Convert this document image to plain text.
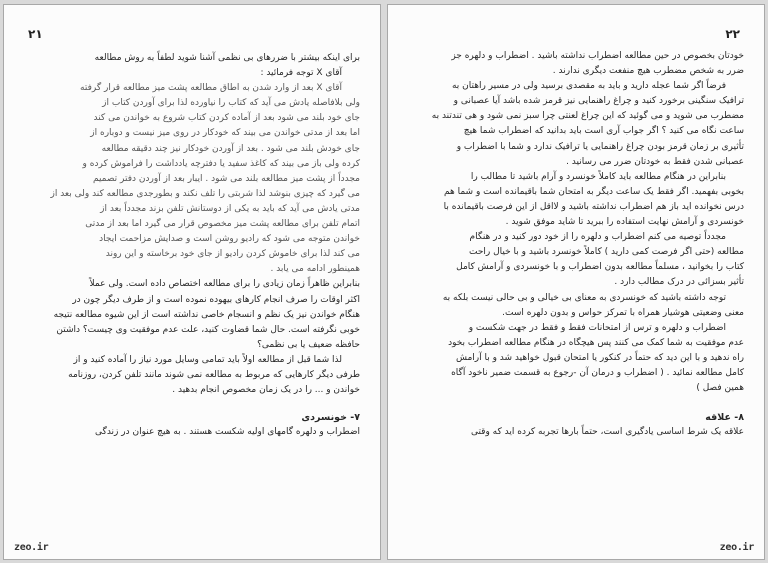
۲۱

برای اینکه بیشتر با ضررهای بی نظمی آشنا شوید لطفاً به روش مطالعه

آقای X توجه فرمائید :

آقای X بعد از وارد شدن به اطاق مطالعه پشت میز مطالعه قرار گرفته

ولی بلافاصله یادش می آید که کتاب را نیاورده لذا برای آوردن کتاب از

جای خود بلند می شود بعد از آماده کردن کتاب شروع به خواندن می کند

اما بعد از مدتی خواندن می بیند که خودکار در روی میز نیست و دوباره از

جای خودش بلند می شود . بعد از آوردن خودکار نیز چند دقیقه مطالعه

کرده ولی باز می بیند که کاغذ سفید یا دفترچه یادداشت را فراموش کرده و

مجدداً از پشت میز مطالعه بلند می شود . ایبار بعد از آوردن دفتر تصمیم

می گیرد که چیزی بنوشد لذا شربتی را تلف نکند و بطورجدی مطالعه کند ولی بعد از

مدتی یادش می آید که باید به یکی از دوستانش تلفن بزند مجدداً بعد از

اتمام تلفن برای مطالعه پشت میز مخصوص قرار می گیرد اما بعد از مدتی

خواندن متوجه می شود که رادیو روشن است و صدایش مزاحمت ایجاد

می کند لذا برای خاموش کردن رادیو از جای خود برخاسته و این روند

همینطور ادامه می یابد .

بنابراین ظاهراً زمان زیادی را برای مطالعه اختصاص داده است. ولی عملاً

اکثر اوقات را صرف انجام کارهای بیهوده نموده است و از طرف دیگر چون در

هنگام خواندن نیز یک نظم و انسجام خاصی نداشته است از این شیوه مطالعه نتیجه

خوبی نگرفته است. حال شما قضاوت کنید، علت عدم موفقیت وی چیست؟ داشتن

حافظه ضعیف یا بی نظمی؟

لذا شما قبل از مطالعه اولاً باید تمامی وسایل مورد نیاز را آماده کنید و از

طرفی دیگر کارهایی که مربوط به مطالعه نمی شوند مانند تلفن کردن، روزنامه

خواندن و ... را در یک زمان مخصوص انجام بدهید .

۷- خونسردی

اضطراب و دلهره گامهای اولیه شکست هستند . به هیچ عنوان در زندگی

zeo.ir
۲۲

خودتان بخصوص در حین مطالعه اضطراب نداشته باشید . اضطراب و دلهره جز

ضرر به شخص مضطرب هیچ منفعت دیگری ندارند .

فرضاً اگر شما عجله دارید و باید به مقصدی برسید ولی در مسیر راهتان به

ترافیک سنگینی برخورد کنید و چراغ راهنمایی نیز قرمز شده باشد آیا عصبانی و

مضطرب می شوید و می گوئید که این چراغ لعنتی چرا سبز نمی شود و هی تندتند به

ساعت نگاه می کنید ؟ اگر جواب آری است باید بدانید که اضطراب شما هیچ

تأثیری بر زمان قرمز بودن چراغ راهنمایی یا ترافیک ندارد و شما با اضطراب و

عصبانی شدن فقط به خودتان ضرر می رسانید .

بنابراین در هنگام مطالعه باید کاملاً خونسرد و آرام باشید تا مطالب را

بخوبی بفهمید. اگر فقط یک ساعت دیگر به امتحان شما باقیمانده است و شما هم

درس نخوانده اید باز هم اضطراب نداشته باشید و لااقل از این فرصت باقیمانده با

خونسردی و آرامش نهایت استفاده را ببرید تا شاید موفق شوید .

مجدداً توصیه می کنم اضطراب و دلهره را از خود دور کنید و در هنگام

مطالعه (حتی اگر فرصت کمی دارید ) کاملاً خونسرد باشید و با خیال راحت

کتاب را بخوانید ، مسلماً مطالعه بدون اضطراب و با خونسردی و آرامش کامل

تأثیر بسزائی در درک مطالب دارد .

توجه داشته باشید که خونسردی به معنای بی خیالی و بی حالی نیست بلکه به

معنی وضعیتی هوشیار همراه با تمرکز حواس و بدون دلهره است.

اضطراب و دلهره و ترس از امتحانات فقط و فقط در جهت شکست و

عدم موفقیت به شما کمک می کنند پس هیچگاه در هنگام مطالعه اضطراب بخود

راه ندهید و با این دید که حتماً در کنکور یا امتحان قبول خواهید شد و با آرامش

کامل مطالعه نمائید . ( اضطراب و درمان آن -رجوع به قسمت ضمیر ناخود آگاه

همین فصل )

۸- علاقه

علاقه یک شرط اساسی یادگیری است، حتماً بارها تجربه کرده اید که وقتی

zeo.ir
